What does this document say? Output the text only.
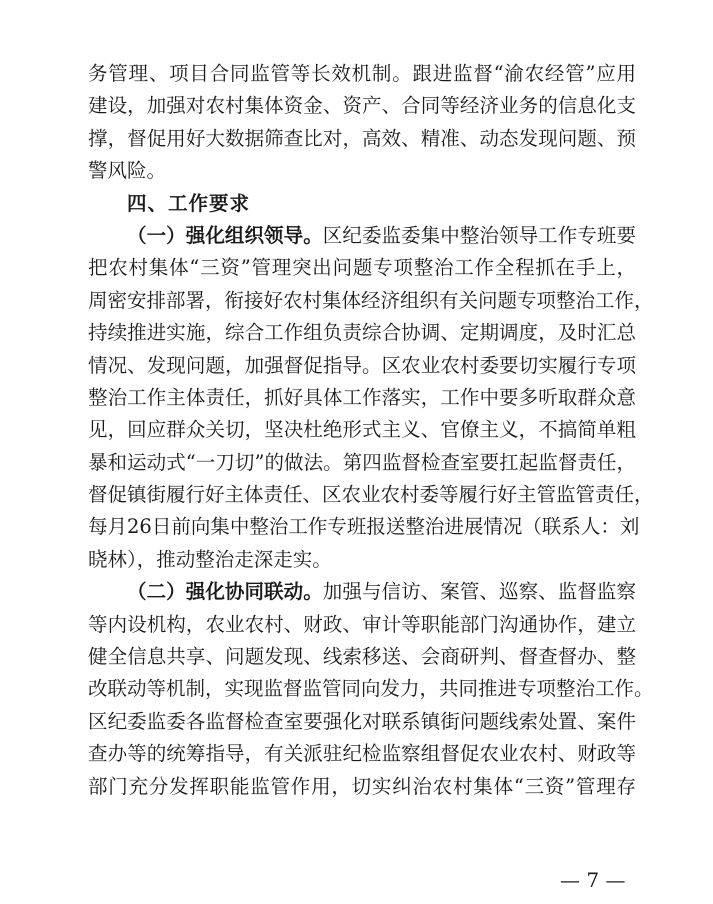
务管理、项目合同监管等长效机制。跟进监督“渝农经管”应用
建设，加强对农村集体资金、资产、合同等经济业务的信息化支
撑，督促用好大数据筛查比对，高效、精准、动态发现问题、预
警风险。
四、工作要求
（一）强化组织领导。区纪委监委集中整治领导工作专班要
把农村集体“三资”管理突出问题专项整治工作全程抓在手上，
周密安排部署，衔接好农村集体经济组织有关问题专项整治工作，
持续推进实施，综合工作组负责综合协调、定期调度，及时汇总
情况、发现问题，加强督促指导。区农业农村委要切实履行专项
整治工作主体责任，抓好具体工作落实，工作中要多听取群众意
见，回应群众关切，坚决杜绝形式主义、官僚主义，不搞简单粗
暴和运动式“一刀切”的做法。第四监督检查室要扛起监督责任，
督促镇街履行好主体责任、区农业农村委等履行好主管监管责任，
每月26日前向集中整治工作专班报送整治进展情况（联系人：刘
晓林），推动整治走深走实。
（二）强化协同联动。加强与信访、案管、巡察、监督监察
等内设机构，农业农村、财政、审计等职能部门沟通协作，建立
健全信息共享、问题发现、线索移送、会商研判、督查督办、整
改联动等机制，实现监督监管同向发力，共同推进专项整治工作。
区纪委监委各监督检查室要强化对联系镇街问题线索处置、案件
查办等的统筹指导，有关派驻纪检监察组督促农业农村、财政等
部门充分发挥职能监管作用，切实纠治农村集体“三资”管理存
— 7 —
